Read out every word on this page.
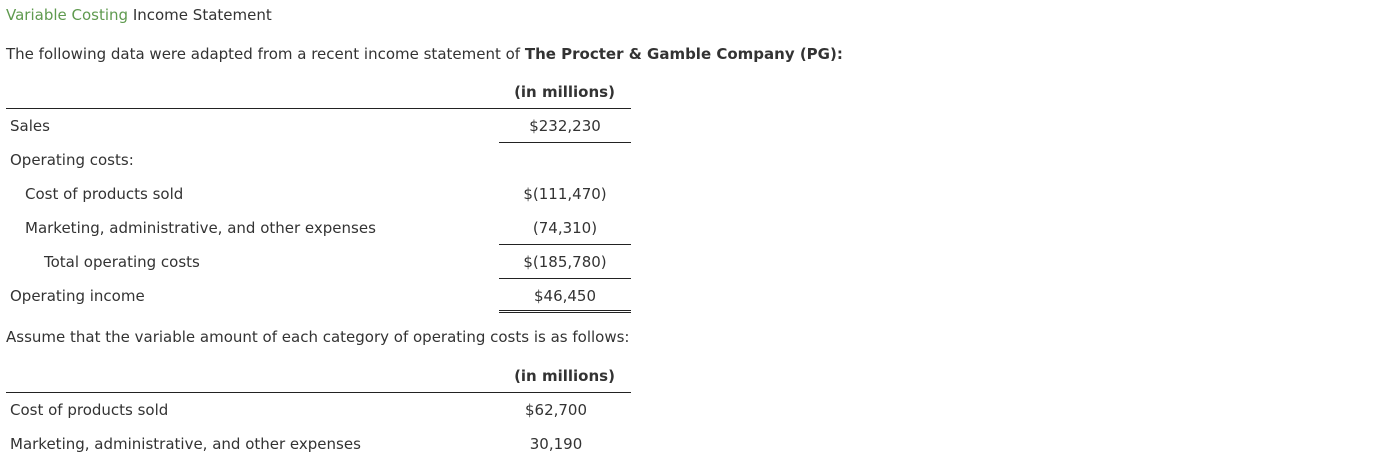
Variable Costing Income Statement
The following data were adapted from a recent income statement of The Procter & Gamble Company (PG):
(in millions)
Sales	$232,230
Operating costs:
Cost of products sold	$(111,470)
Marketing, administrative, and other expenses	(74,310)
Total operating costs	$(185,780)
Operating income	$46,450
Assume that the variable amount of each category of operating costs is as follows:
(in millions)
Cost of products sold	$62,700
Marketing, administrative, and other expenses	30,190
